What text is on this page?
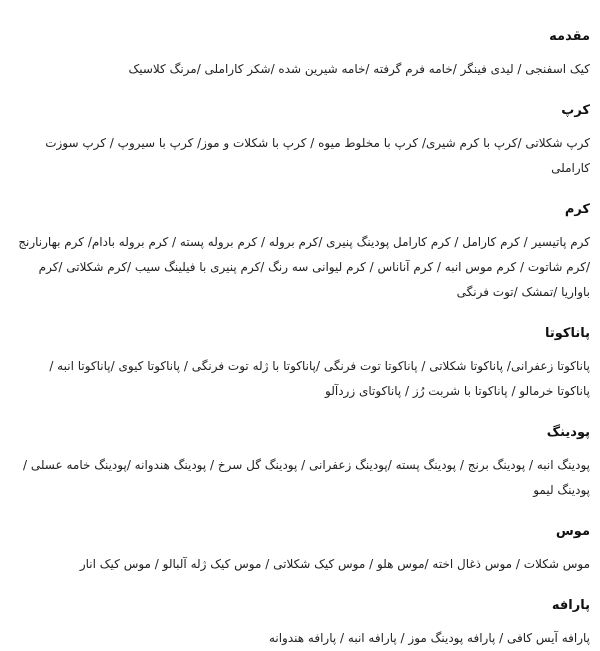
مقدمه

کیک اسفنجی / لیدی فینگر /خامه فرم گرفته /خامه شیرین شده /شکر کاراملی /مرنگ کلاسیک

کرپ

کرپ شکلاتی /کرپ با کرم شیری/ کرپ با مخلوط میوه / کرپ با شکلات و موز/ کرپ با سیروپ / کرپ سوزت کاراملی

کرم

کرم پاتیسیر / کرم کارامل / کرم کارامل پودینگ پنیری /کرم بروله / کرم بروله پسته / کرم بروله بادام/ کرم بهارنارنج /کرم شاتوت / کرم موس انبه / کرم آناناس / کرم لیوانی سه رنگ /کرم پنیری با فیلینگ سیب /کرم شکلاتی /کرم باواریا /تمشک /توت فرنگی

پاناکوتا

پاناکوتا زعفرانی/ پاناکوتا شکلاتی / پاناکوتا توت فرنگی /پاناکوتا با ژله توت فرنگی / پاناکوتا کیوی /پاناکوتا انبه / پاناکوتا خرمالو / پاناکوتا با شربت رُز / پاناکوتای زردآلو

پودینگ

پودینگ انبه / پودینگ برنج / پودینگ پسته /پودینگ زعفرانی / پودینگ گل سرخ / پودینگ هندوانه /پودینگ خامه عسلی /پودینگ لیمو

موس

موس شکلات / موس ذغال اخته /موس هلو / موس کیک شکلاتی / موس کیک ژله آلبالو / موس کیک انار

پارافه

پارافه آیس کافی / پارافه پودینگ موز / پارافه انبه / پارافه هندوانه
